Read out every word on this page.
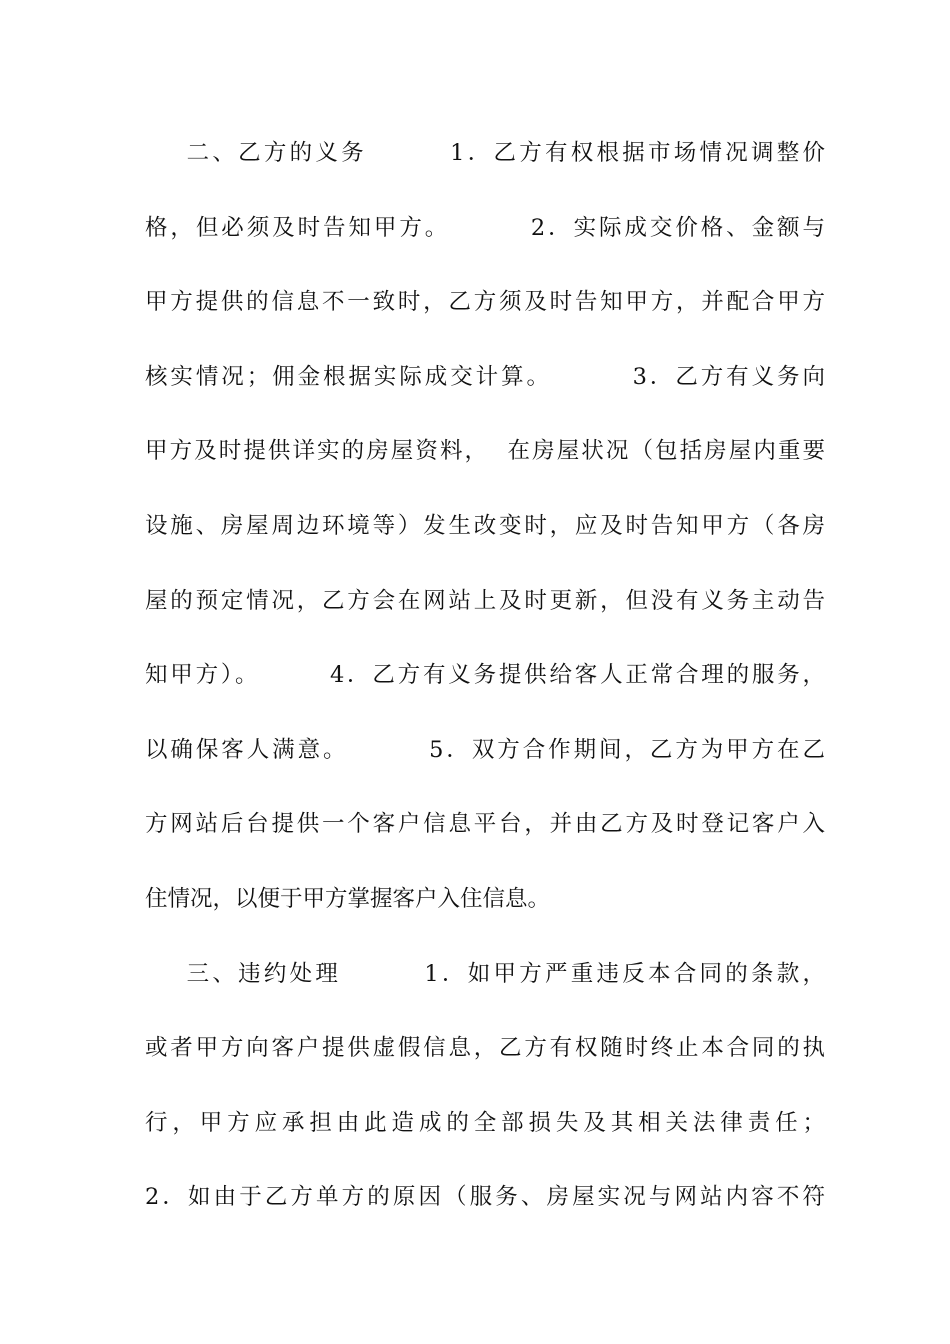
二、乙方的义务        1．乙方有权根据市场情况调整价
格，但必须及时告知甲方。        2．实际成交价格、金额与
甲方提供的信息不一致时，乙方须及时告知甲方，并配合甲方
核实情况；佣金根据实际成交计算。        3．乙方有义务向
甲方及时提供详实的房屋资料，  在房屋状况（包括房屋内重要
设施、房屋周边环境等）发生改变时，应及时告知甲方（各房
屋的预定情况，乙方会在网站上及时更新，但没有义务主动告
知甲方）。       4．乙方有义务提供给客人正常合理的服务，
以确保客人满意。        5．双方合作期间，乙方为甲方在乙
方网站后台提供一个客户信息平台，并由乙方及时登记客户入
住情况，以便于甲方掌握客户入住信息。
三、违约处理        1．如甲方严重违反本合同的条款，
或者甲方向客户提供虚假信息，乙方有权随时终止本合同的执
行，甲方应承担由此造成的全部损失及其相关法律责任；
2．如由于乙方单方的原因（服务、房屋实况与网站内容不符
